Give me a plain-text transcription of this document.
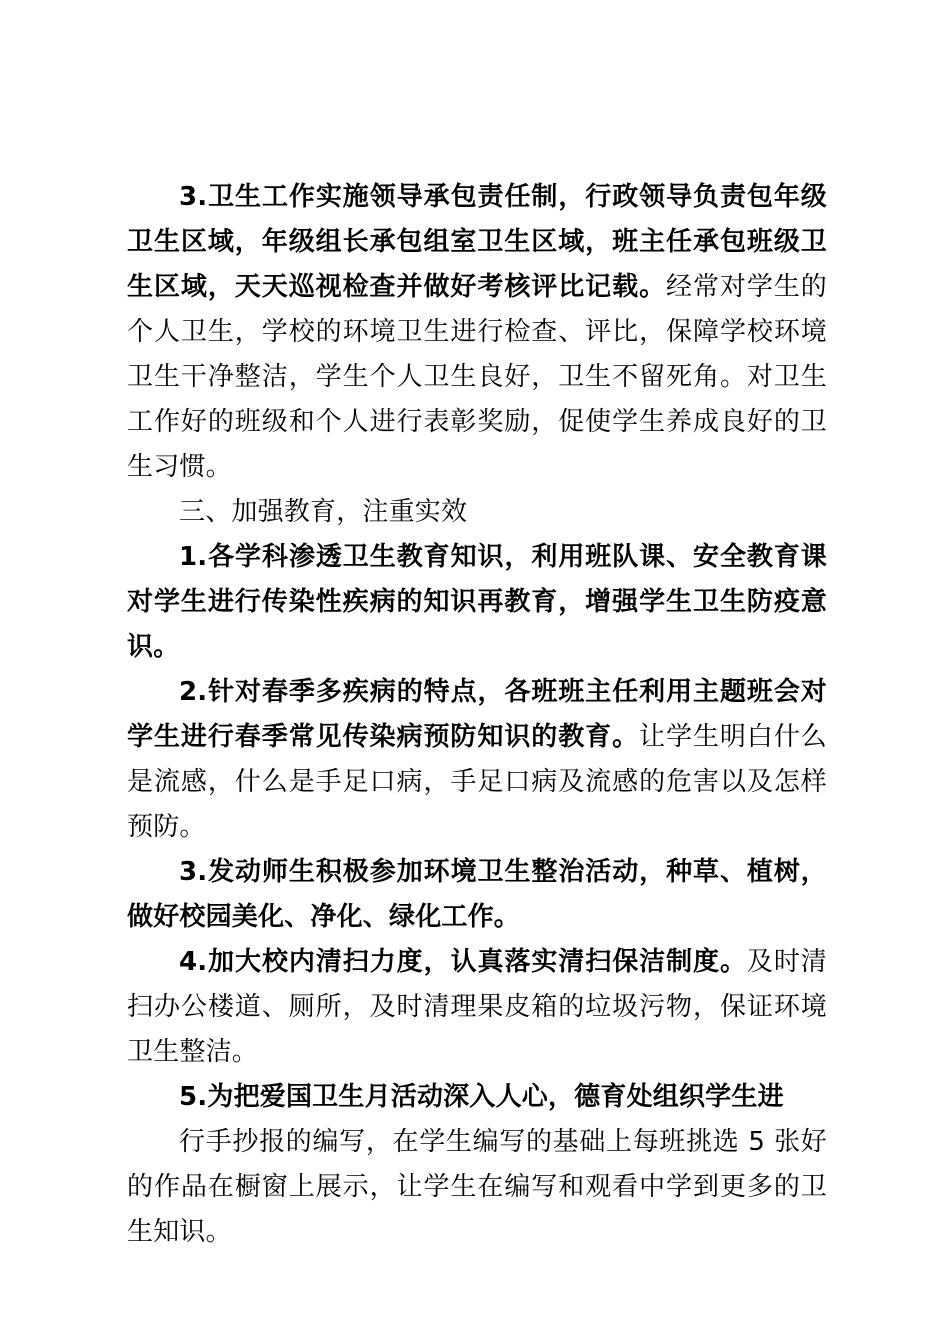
3.卫生工作实施领导承包责任制，行政领导负责包年级卫生区域，年级组长承包组室卫生区域，班主任承包班级卫生区域，天天巡视检查并做好考核评比记载。经常对学生的个人卫生，学校的环境卫生进行检查、评比，保障学校环境卫生干净整洁，学生个人卫生良好，卫生不留死角。对卫生工作好的班级和个人进行表彰奖励，促使学生养成良好的卫生习惯。

三、加强教育，注重实效

1.各学科渗透卫生教育知识，利用班队课、安全教育课对学生进行传染性疾病的知识再教育，增强学生卫生防疫意识。

2.针对春季多疾病的特点，各班班主任利用主题班会对学生进行春季常见传染病预防知识的教育。让学生明白什么是流感，什么是手足口病，手足口病及流感的危害以及怎样预防。

3.发动师生积极参加环境卫生整治活动，种草、植树，做好校园美化、净化、绿化工作。

4.加大校内清扫力度，认真落实清扫保洁制度。及时清扫办公楼道、厕所，及时清理果皮箱的垃圾污物，保证环境卫生整洁。

5.为把爱国卫生月活动深入人心，德育处组织学生进

行手抄报的编写，在学生编写的基础上每班挑选 5 张好的作品在橱窗上展示，让学生在编写和观看中学到更多的卫生知识。
